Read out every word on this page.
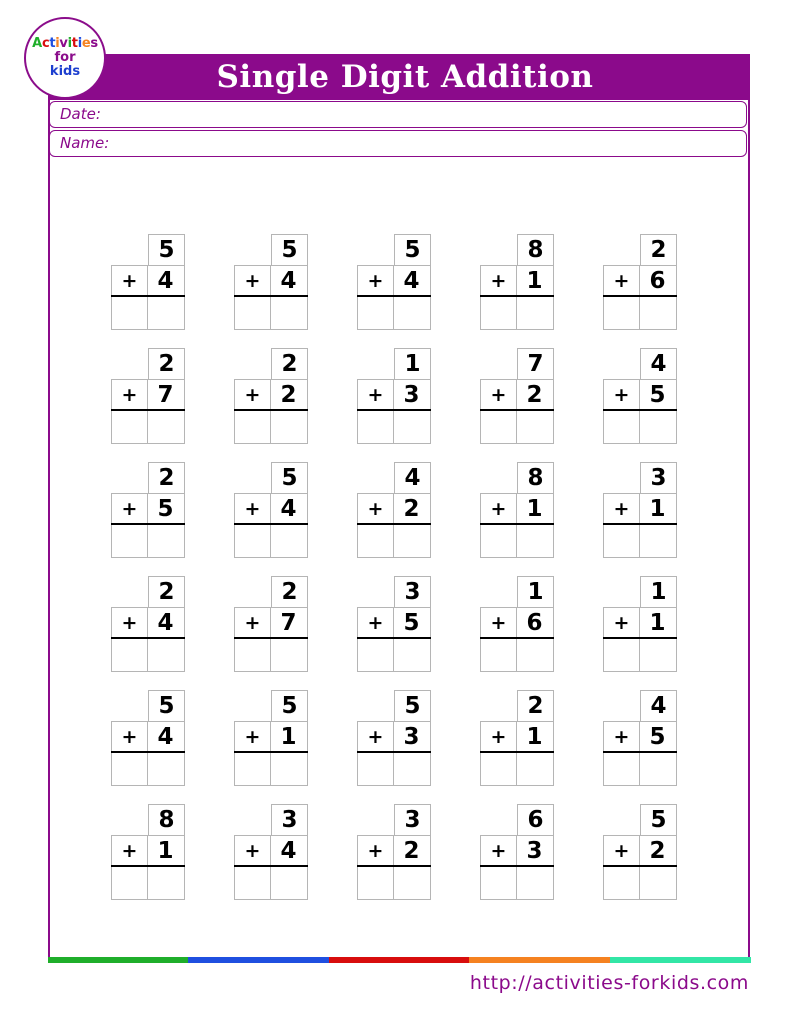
Activities
for
kids	Single Digit Addition
Date:
Name:
5
+ 4
5
+ 4
5
+ 4
8
+ 1
2
+ 6
2
+ 7
2
+ 2
1
+ 3
7
+ 2
4
+ 5
2
+ 5
5
+ 4
4
+ 2
8
+ 1
3
+ 1
2
+ 4
2
+ 7
3
+ 5
1
+ 6
1
+ 1
5
+ 4
5
+ 1
5
+ 3
2
+ 1
4
+ 5
8
+ 1
3
+ 4
3
+ 2
6
+ 3
5
+ 2
http://activities-forkids.com
